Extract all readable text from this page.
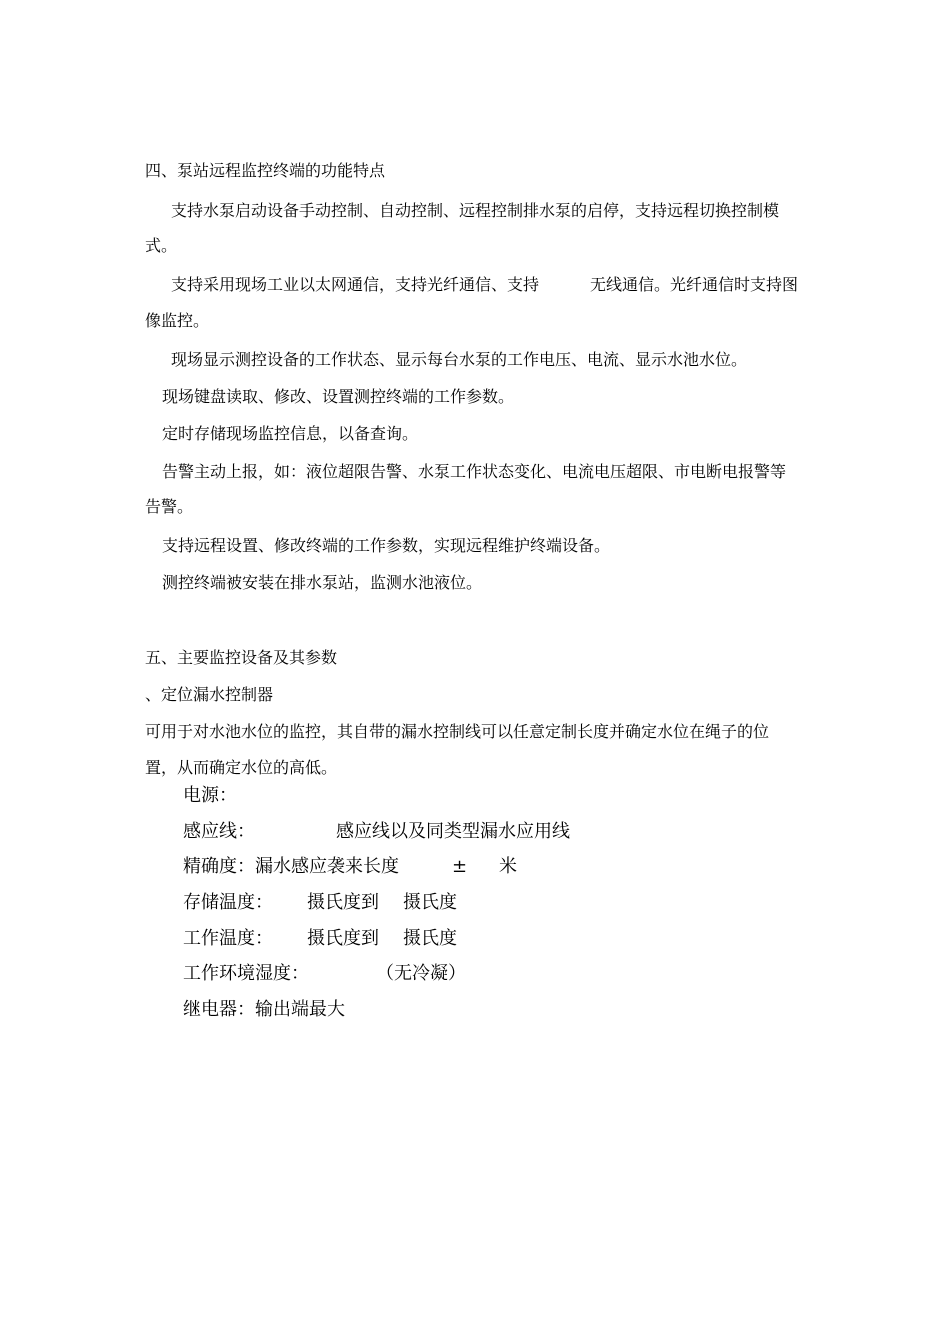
四、泵站远程监控终端的功能特点
支持水泵启动设备手动控制、自动控制、远程控制排水泵的启停，支持远程切换控制模
式。
支持采用现场工业以太网通信，支持光纤通信、支持	无线通信。光纤通信时支持图
像监控。
现场显示测控设备的工作状态、显示每台水泵的工作电压、电流、显示水池水位。
现场键盘读取、修改、设置测控终端的工作参数。
定时存储现场监控信息，以备查询。
告警主动上报，如：液位超限告警、水泵工作状态变化、电流电压超限、市电断电报警等
告警。
支持远程设置、修改终端的工作参数，实现远程维护终端设备。
测控终端被安装在排水泵站，监测水池液位。
五、主要监控设备及其参数
、定位漏水控制器
可用于对水池水位的监控，其自带的漏水控制线可以任意定制长度并确定水位在绳子的位
置，从而确定水位的高低。
电源：
感应线：	感应线以及同类型漏水应用线
精确度：漏水感应袭来长度	± 米
存储温度： 摄氏度到 摄氏度
工作温度： 摄氏度到 摄氏度
工作环境湿度：	（无冷凝）
继电器：输出端最大
